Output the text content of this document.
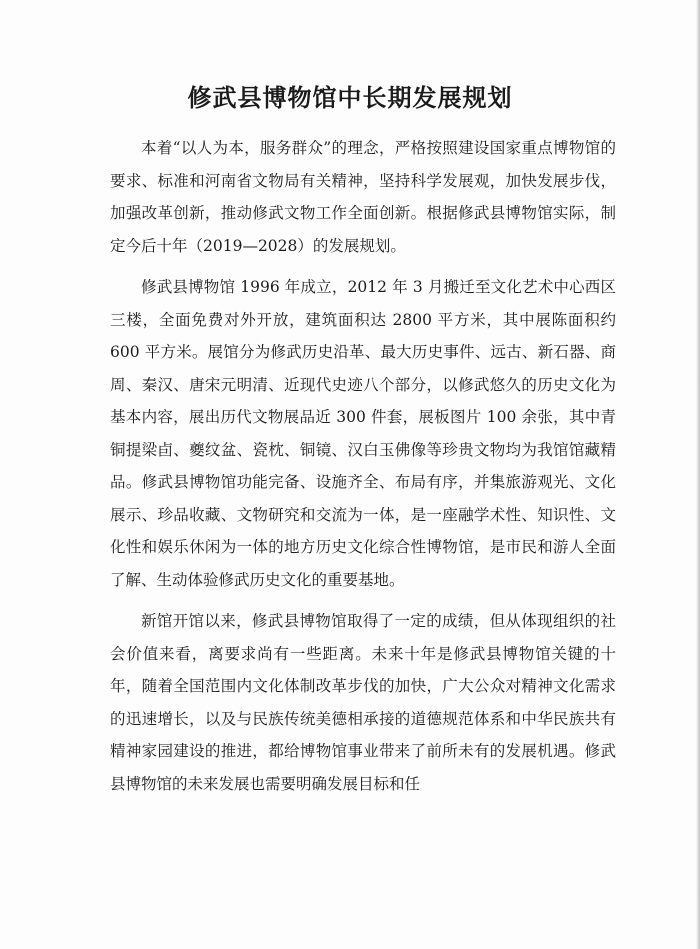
修武县博物馆中长期发展规划

本着“以人为本，服务群众”的理念，严格按照建设国家重点博物馆的要求、标准和河南省文物局有关精神，坚持科学发展观，加快发展步伐，加强改革创新，推动修武文物工作全面创新。根据修武县博物馆实际，制定今后十年（2019—2028）的发展规划。

修武县博物馆 1996 年成立，2012 年 3 月搬迁至文化艺术中心西区三楼，全面免费对外开放，建筑面积达 2800 平方米，其中展陈面积约 600 平方米。展馆分为修武历史沿革、最大历史事件、远古、新石器、商周、秦汉、唐宋元明清、近现代史迹八个部分，以修武悠久的历史文化为基本内容，展出历代文物展品近 300 件套，展板图片 100 余张，其中青铜提梁卣、夔纹盆、瓷枕、铜镜、汉白玉佛像等珍贵文物均为我馆馆藏精品。修武县博物馆功能完备、设施齐全、布局有序，并集旅游观光、文化展示、珍品收藏、文物研究和交流为一体，是一座融学术性、知识性、文化性和娱乐休闲为一体的地方历史文化综合性博物馆，是市民和游人全面了解、生动体验修武历史文化的重要基地。

新馆开馆以来，修武县博物馆取得了一定的成绩，但从体现组织的社会价值来看，离要求尚有一些距离。未来十年是修武县博物馆关键的十年，随着全国范围内文化体制改革步伐的加快，广大公众对精神文化需求的迅速增长，以及与民族传统美德相承接的道德规范体系和中华民族共有精神家园建设的推进，都给博物馆事业带来了前所未有的发展机遇。修武县博物馆的未来发展也需要明确发展目标和任
